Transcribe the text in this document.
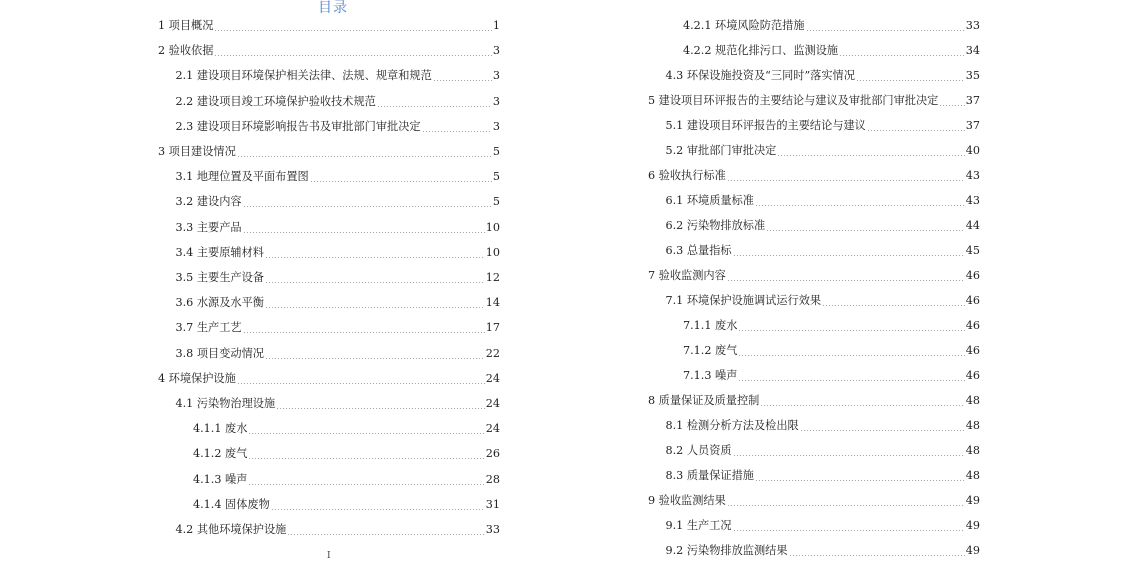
目录
1 项目概况	1
2 验收依据	3
2.1 建设项目环境保护相关法律、法规、规章和规范	3
2.2 建设项目竣工环境保护验收技术规范	3
2.3 建设项目环境影响报告书及审批部门审批决定	3
3 项目建设情况	5
3.1 地理位置及平面布置图	5
3.2 建设内容	5
3.3 主要产品	10
3.4 主要原辅材料	10
3.5 主要生产设备	12
3.6 水源及水平衡	14
3.7 生产工艺	17
3.8 项目变动情况	22
4 环境保护设施	24
4.1 污染物治理设施	24
4.1.1 废水	24
4.1.2 废气	26
4.1.3 噪声	28
4.1.4 固体废物	31
4.2 其他环境保护设施	33
4.2.1 环境风险防范措施	33
4.2.2 规范化排污口、监测设施	34
4.3 环保设施投资及“三同时”落实情况	35
5 建设项目环评报告的主要结论与建议及审批部门审批决定 37
5.1 建设项目环评报告的主要结论与建议	37
5.2 审批部门审批决定	40
6 验收执行标准	43
6.1 环境质量标准	43
6.2 污染物排放标准	44
6.3 总量指标	45
7 验收监测内容	46
7.1 环境保护设施调试运行效果	46
7.1.1 废水	46
7.1.2 废气	46
7.1.3 噪声	46
8 质量保证及质量控制	48
8.1 检测分析方法及检出限	48
8.2 人员资质	48
8.3 质量保证措施	48
9 验收监测结果	49
9.1 生产工况	49
9.2 污染物排放监测结果	49
I
